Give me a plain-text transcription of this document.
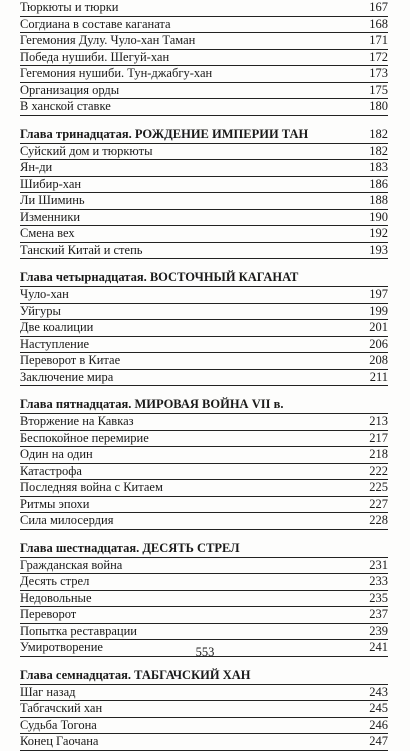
Тюркюты и тюрки	167
Согдиана в составе каганата	168
Гегемония Дулу. Чуло-хан Таман	171
Победа нушиби. Шегуй-хан	172
Гегемония нушиби. Тун-джабгу-хан	173
Организация орды	175
В ханской ставке	180
Глава тринадцатая. РОЖДЕНИЕ ИМПЕРИИ ТАН	182
Суйский дом и тюркюты	182
Ян-ди	183
Шибир-хан	186
Ли Шиминь	188
Изменники	190
Смена вех	192
Танский Китай и степь	193
Глава четырнадцатая. ВОСТОЧНЫЙ КАГАНАТ
Чуло-хан	197
Уйгуры	199
Две коалиции	201
Наступление	206
Переворот в Китае	208
Заключение мира	211
Глава пятнадцатая. МИРОВАЯ ВОЙНА VII в.
Вторжение на Кавказ	213
Беспокойное перемирие	217
Один на один	218
Катастрофа	222
Последняя война с Китаем	225
Ритмы эпохи	227
Сила милосердия	228
Глава шестнадцатая. ДЕСЯТЬ СТРЕЛ
Гражданская война	231
Десять стрел	233
Недовольные	235
Переворот	237
Попытка реставрации	239
Умиротворение	241
Глава семнадцатая. ТАБГАЧСКИЙ ХАН
Шаг назад	243
Табгачский хан	245
Судьба Тогона	246
Конец Гаочана	247
553
